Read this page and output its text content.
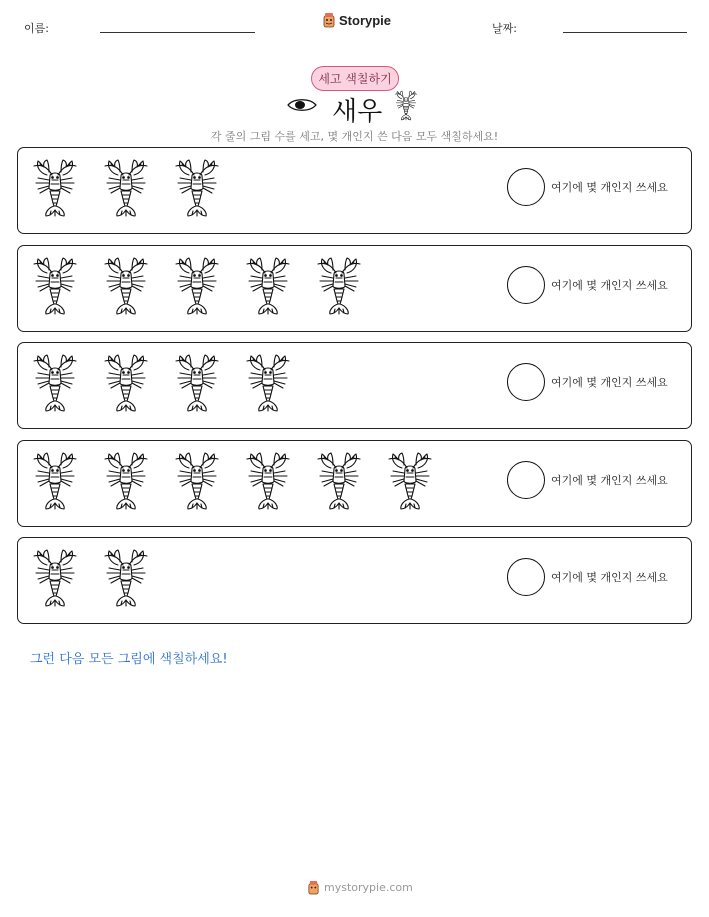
이름:
Storypie
날짜:
세고 색칠하기
새우
각 줄의 그림 수를 세고, 몇 개인지 쓴 다음 모두 색칠하세요!
여기에 몇 개인지 쓰세요
여기에 몇 개인지 쓰세요
여기에 몇 개인지 쓰세요
여기에 몇 개인지 쓰세요
여기에 몇 개인지 쓰세요
그런 다음 모든 그림에 색칠하세요!
mystorypie.com
